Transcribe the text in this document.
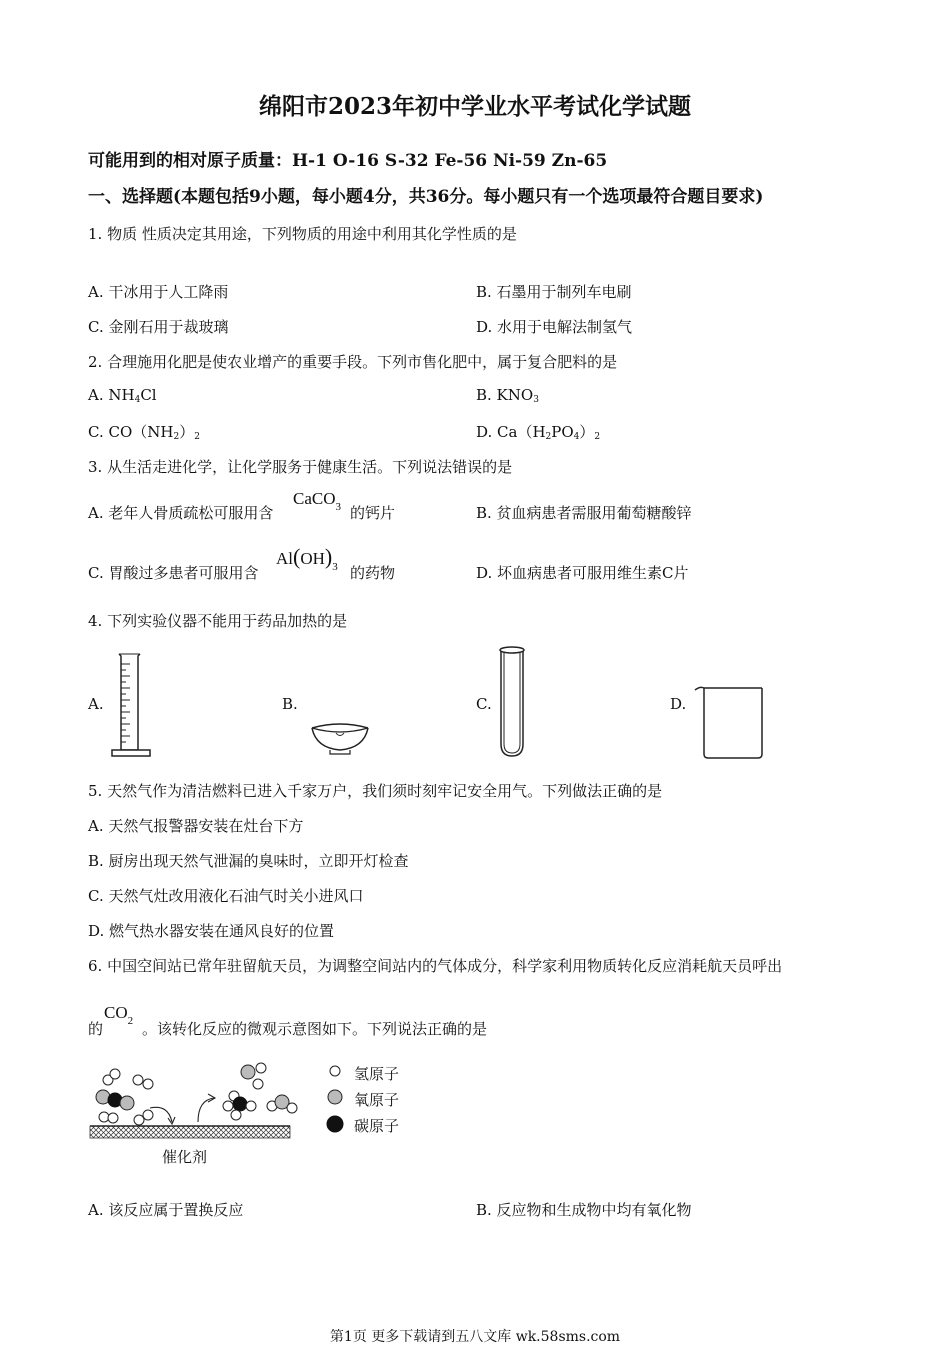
绵阳市2023年初中学业水平考试化学试题
可能用到的相对原子质量：H-1 O-16 S-32 Fe-56 Ni-59 Zn-65
一、选择题(本题包括9小题，每小题4分，共36分。每小题只有一个选项最符合题目要求)
1. 物质 性质决定其用途，下列物质的用途中利用其化学性质的是
A. 干冰用于人工降雨	B. 石墨用于制列车电刷
C. 金刚石用于裁玻璃	D. 水用于电解法制氢气
2. 合理施用化肥是使农业增产的重要手段。下列市售化肥中，属于复合肥料的是
A. $NH_4Cl$	B. $KNO_3$
C. $CO(NH_2)_2$	D. $Ca(H_2PO_4)_2$
3. 从生活走进化学，让化学服务于健康生活。下列说法错误的是
A. 老年人骨质疏松可服用含
CaCO$_3$ 的钙片	B. 贫血病患者需服用葡萄糖酸锌
C. 胃酸过多患者可服用含
$Al(OH)_3$ 的药物	D. 坏血病患者可服用维生素C片
4. 下列实验仪器不能用于药品加热的是
A.	B.	C.	D.
5. 天然气作为清洁燃料已进入千家万户，我们须时刻牢记安全用气。下列做法正确的是
A. 天然气报警器安装在灶台下方
B. 厨房出现天然气泄漏的臭味时，立即开灯检查
C. 天然气灶改用液化石油气时关小进风口
D. 燃气热水器安装在通风良好的位置
6. 中国空间站已常年驻留航天员，为调整空间站内的气体成分，科学家利用物质转化反应消耗航天员呼出
的
$CO_2$ 。该转化反应的微观示意图如下。下列说法正确的是
催化剂
氢原子
氧原子
碳原子
A. 该反应属于置换反应	B. 反应物和生成物中均有氧化物
第1页 更多下载请到五八文库 wk.58sms.com
